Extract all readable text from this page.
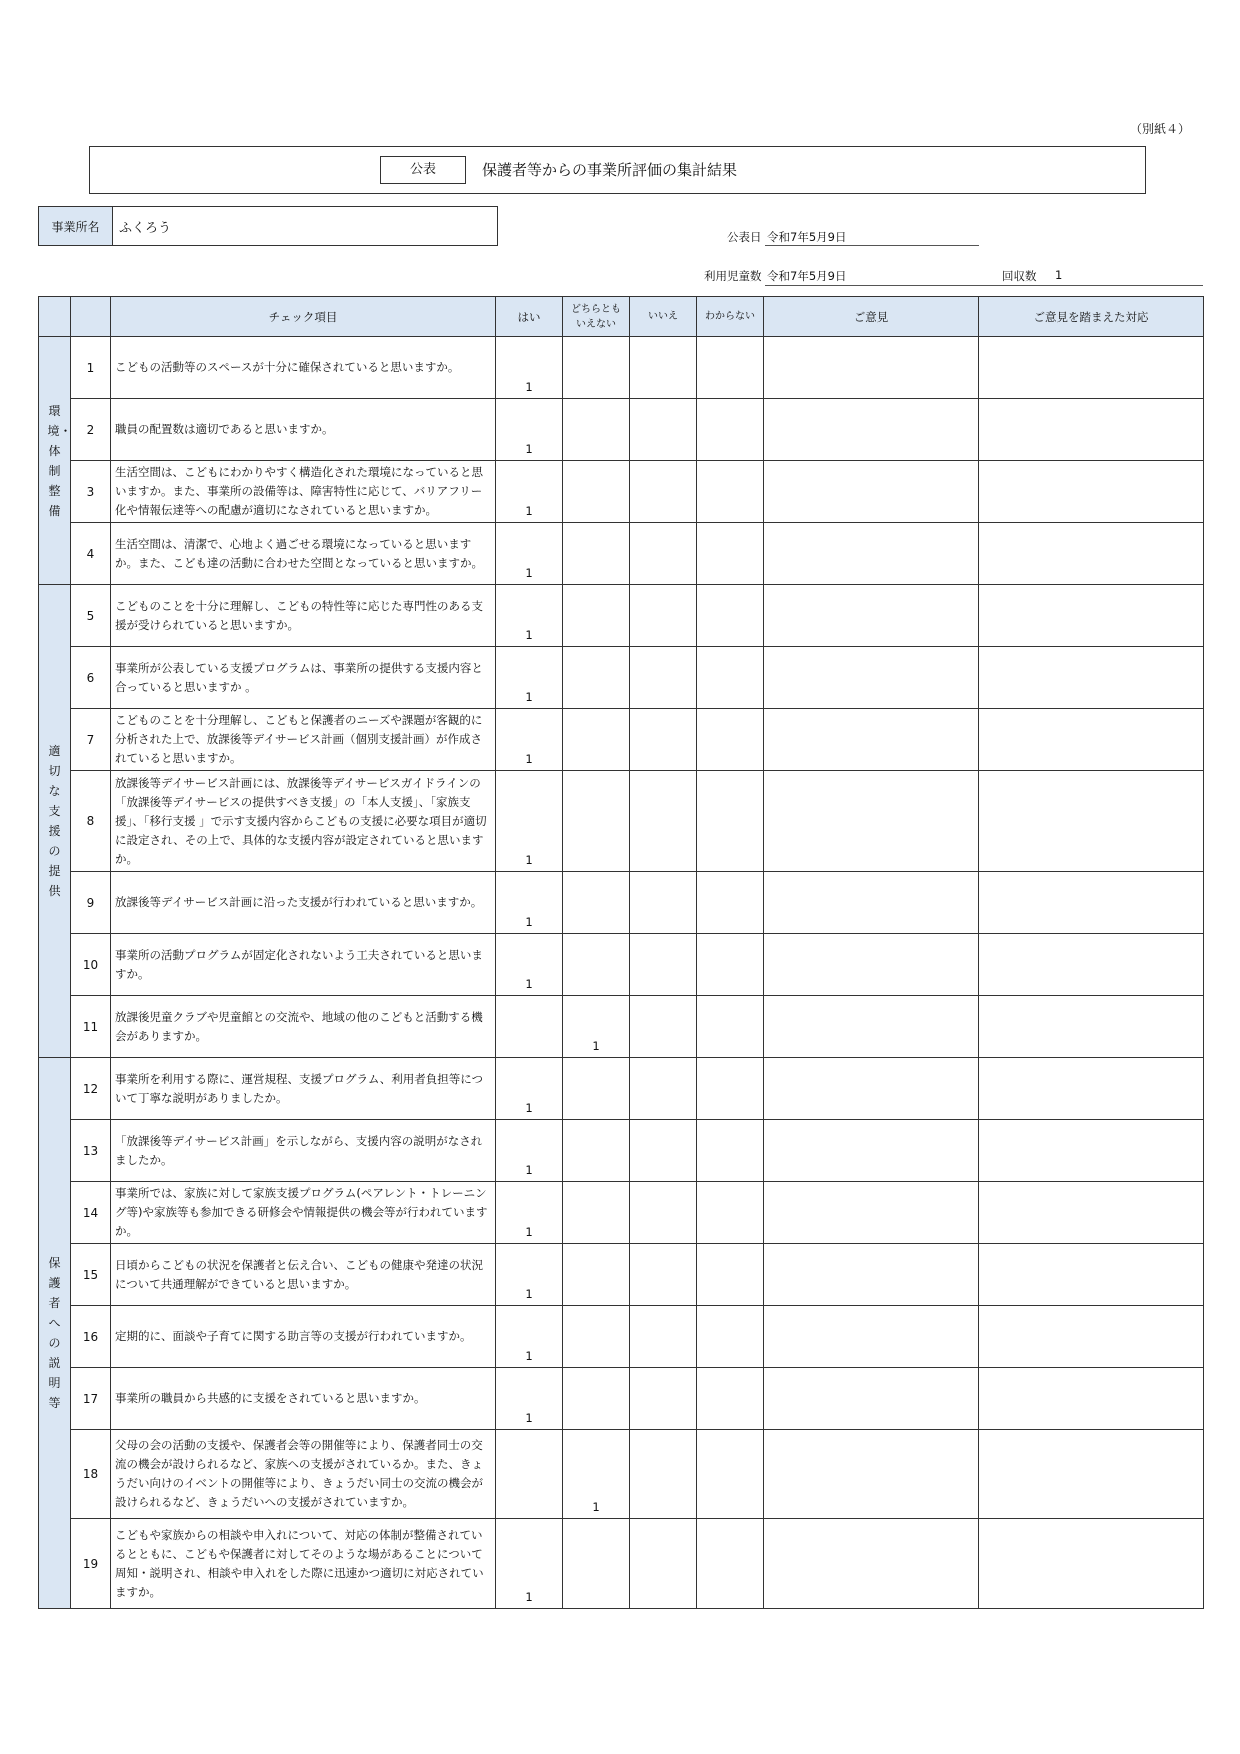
（別紙４）
公表	保護者等からの事業所評価の集計結果
事業所名	ふくろう
公表日 令和7年5月9日
利用児童数 令和7年5月9日	回収数 1
		チェック項目	はい	どちらとも
いえない	いいえ	わからない	ご意見	ご意見を踏まえた対応
環境・体制整備	1	こどもの活動等のスペースが十分に確保されていると思いますか。	1					
	2	職員の配置数は適切であると思いますか。	1					
	3	生活空間は、こどもにわかりやすく構造化された環境になっていると思いますか。また、事業所の設備等は、障害特性に応じて、バリアフリー化や情報伝達等への配慮が適切になされていると思いますか。	1					
	4	生活空間は、清潔で、心地よく過ごせる環境になっていると思いますか。また、こども達の活動に合わせた空間となっていると思いますか。	1					
適切な支援の提供	5	こどものことを十分に理解し、こどもの特性等に応じた専門性のある支援が受けられていると思いますか。	1					
	6	事業所が公表している支援プログラムは、事業所の提供する支援内容と合っていると思いますか 。	1					
	7	こどものことを十分理解し、こどもと保護者のニーズや課題が客観的に分析された上で、放課後等デイサービス計画（個別支援計画）が作成されていると思いますか。	1					
	8	放課後等デイサービス計画には、放課後等デイサービスガイドラインの「放課後等デイサービスの提供すべき支援」の「本人支援」、「家族支援」、「移行支援 」で示す支援内容からこどもの支援に必要な項目が適切に設定され、その上で、具体的な支援内容が設定されていると思いますか。	1					
	9	放課後等デイサービス計画に沿った支援が行われていると思いますか。	1					
	10	事業所の活動プログラムが固定化されないよう工夫されていると思いますか。	1					
	11	放課後児童クラブや児童館との交流や、地域の他のこどもと活動する機会がありますか。		1				
保護者への説明等	12	事業所を利用する際に、運営規程、支援プログラム、利用者負担等について丁寧な説明がありましたか。	1					
	13	「放課後等デイサービス計画」を示しながら、支援内容の説明がなされましたか。	1					
	14	事業所では、家族に対して家族支援プログラム(ペアレント・トレーニング等)や家族等も参加できる研修会や情報提供の機会等が行われていますか。	1					
	15	日頃からこどもの状況を保護者と伝え合い、こどもの健康や発達の状況について共通理解ができていると思いますか。	1					
	16	定期的に、面談や子育てに関する助言等の支援が行われていますか。	1					
	17	事業所の職員から共感的に支援をされていると思いますか。	1					
	18	父母の会の活動の支援や、保護者会等の開催等により、保護者同士の交流の機会が設けられるなど、家族への支援がされているか。また、きょうだい向けのイベントの開催等により、きょうだい同士の交流の機会が設けられるなど、きょうだいへの支援がされていますか。		1				
	19	こどもや家族からの相談や申入れについて、対応の体制が整備されているとともに、こどもや保護者に対してそのような場があることについて周知・説明され、相談や申入れをした際に迅速かつ適切に対応されていますか。	1					
